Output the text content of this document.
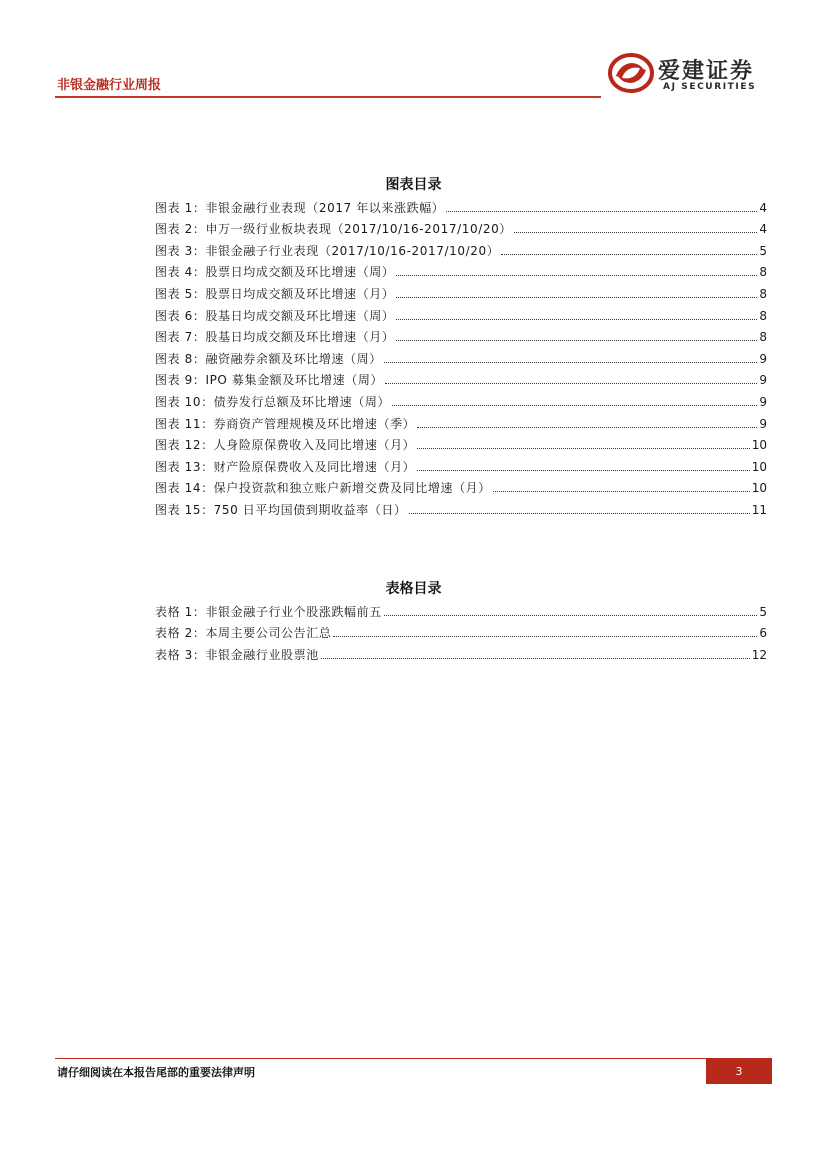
非银金融行业周报
爱建证券
AJ SECURITIES
图表目录
图表 1：非银金融行业表现（2017 年以来涨跌幅）	4
图表 2：申万一级行业板块表现（2017/10/16-2017/10/20）	4
图表 3：非银金融子行业表现（2017/10/16-2017/10/20）	5
图表 4：股票日均成交额及环比增速（周）	8
图表 5：股票日均成交额及环比增速（月）	8
图表 6：股基日均成交额及环比增速（周）	8
图表 7：股基日均成交额及环比增速（月）	8
图表 8：融资融券余额及环比增速（周）	9
图表 9：IPO 募集金额及环比增速（周）	9
图表 10：债券发行总额及环比增速（周）	9
图表 11：券商资产管理规模及环比增速（季）	9
图表 12：人身险原保费收入及同比增速（月）	10
图表 13：财产险原保费收入及同比增速（月）	10
图表 14：保户投资款和独立账户新增交费及同比增速（月）	10
图表 15：750 日平均国债到期收益率（日）	11
表格目录
表格 1：非银金融子行业个股涨跌幅前五	5
表格 2：本周主要公司公告汇总	6
表格 3：非银金融行业股票池	12
请仔细阅读在本报告尾部的重要法律声明	3
